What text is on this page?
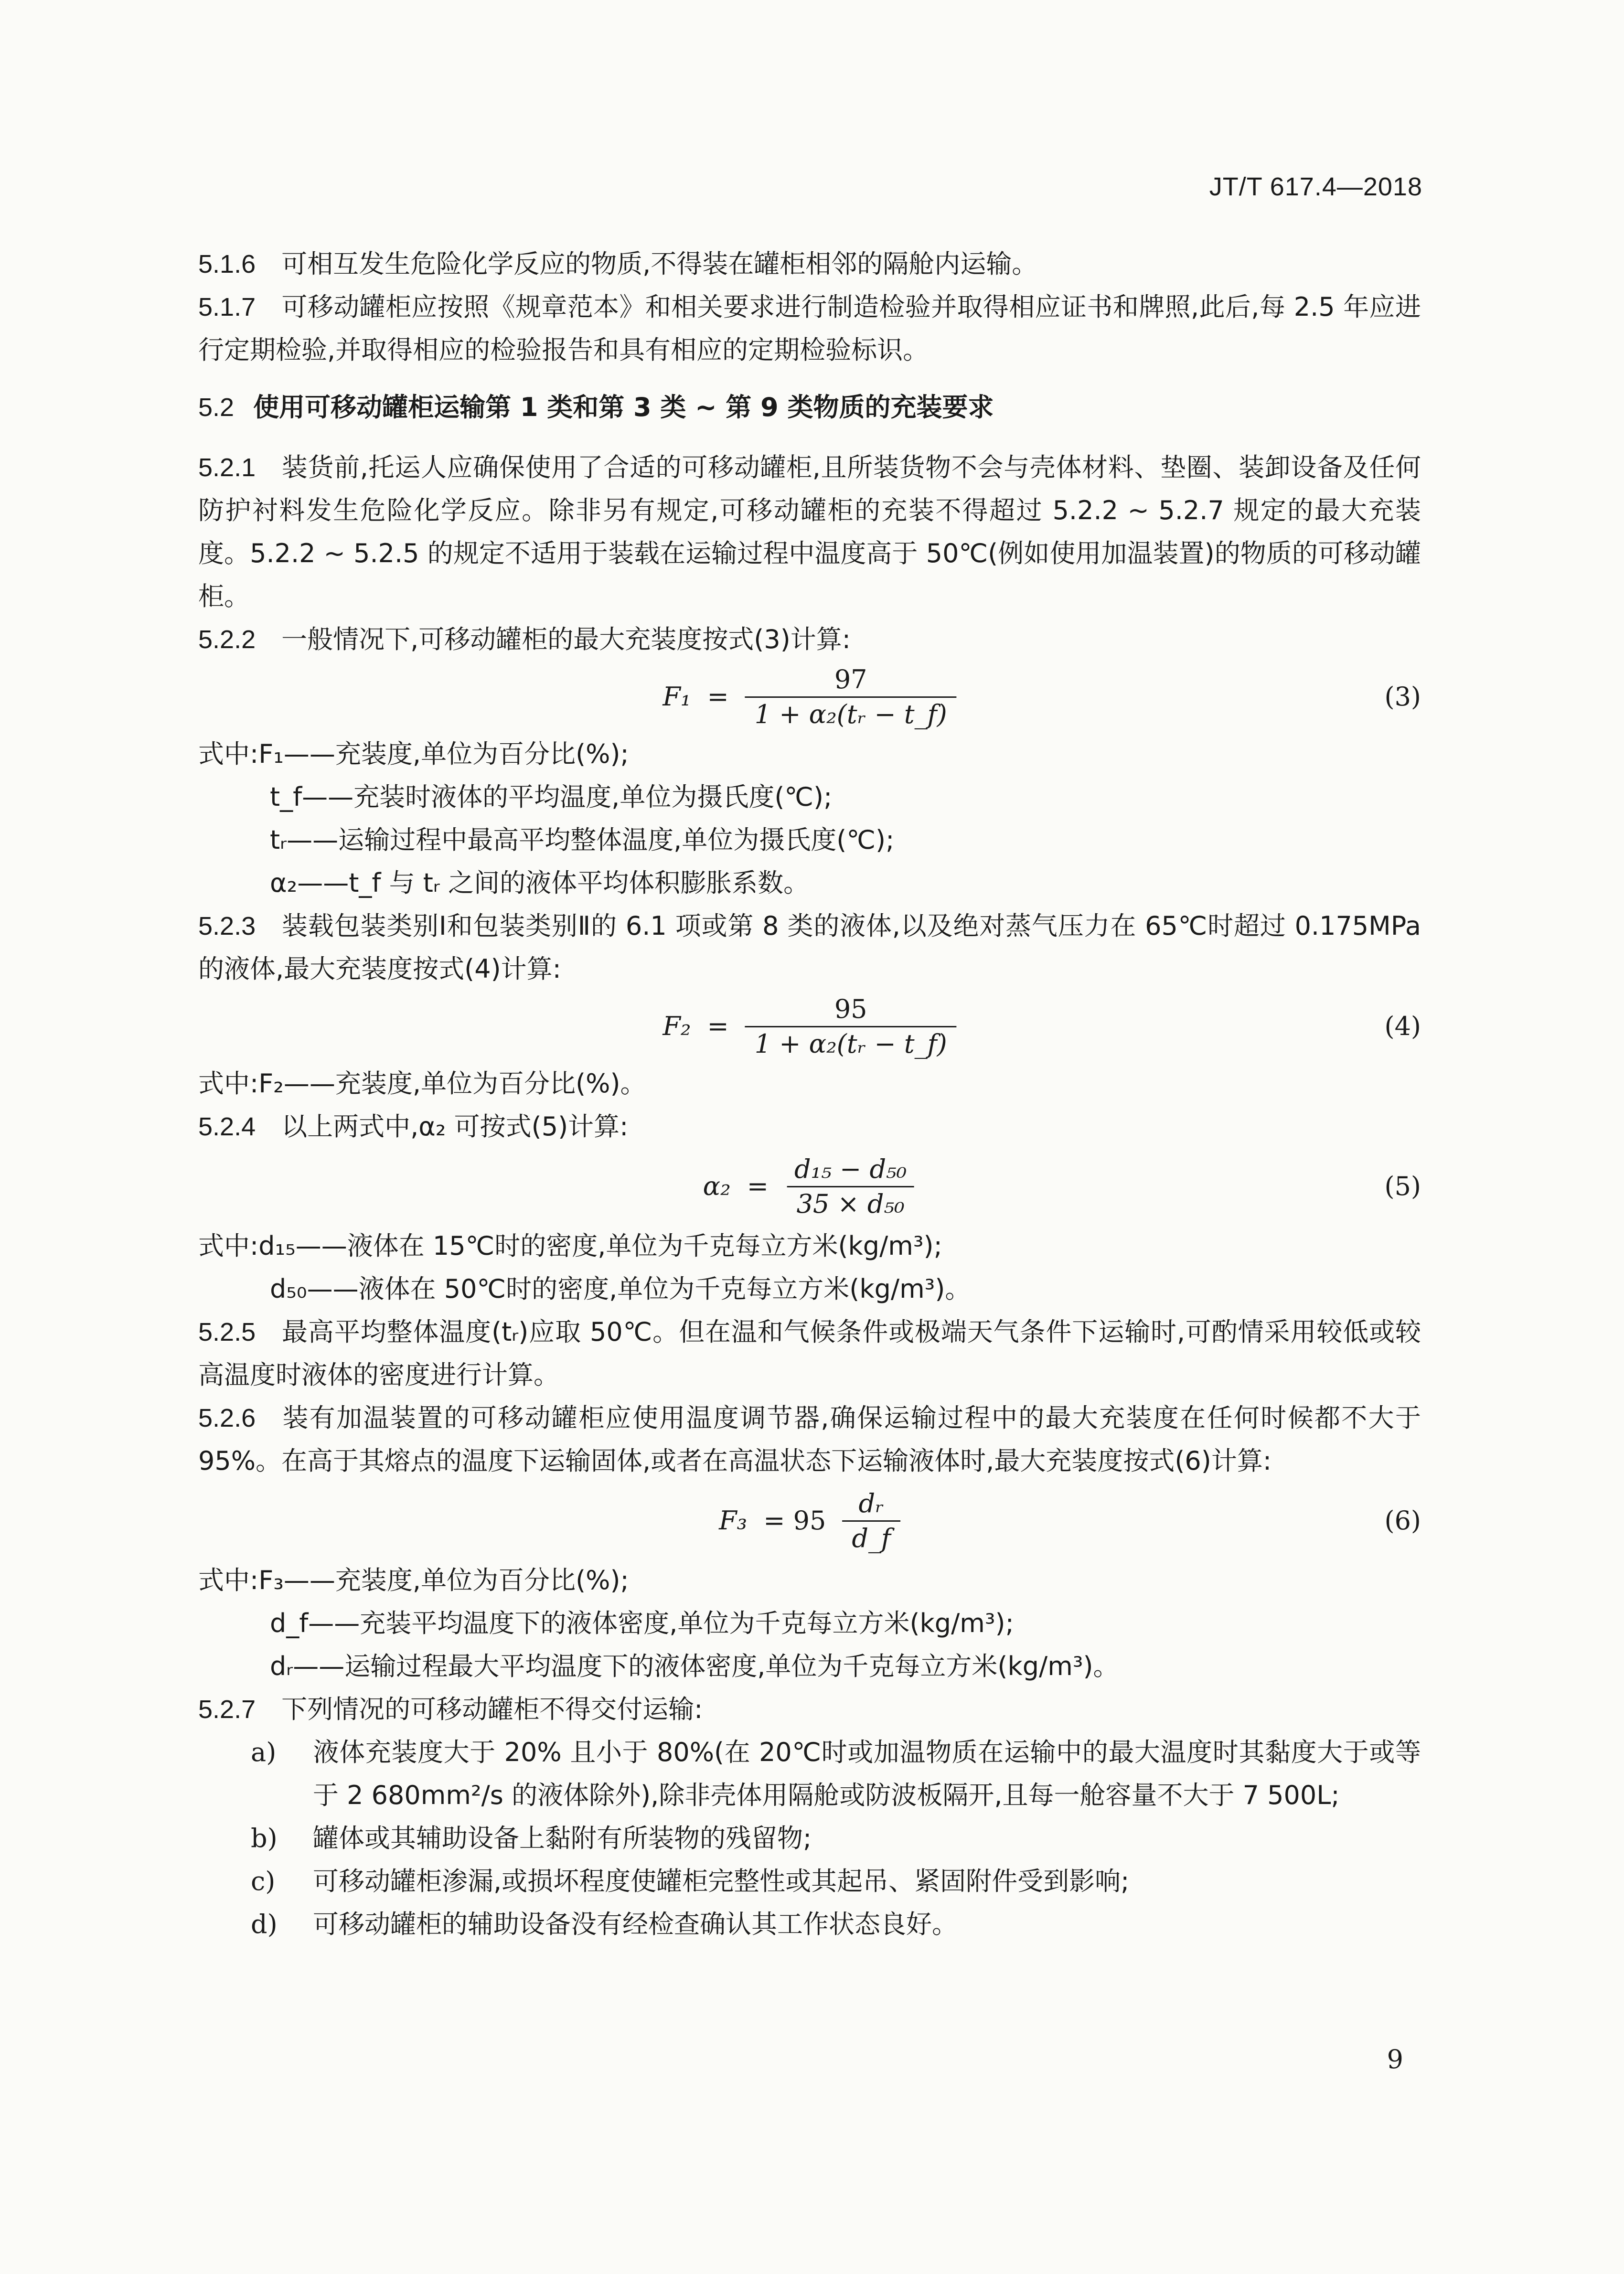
JT/T 617.4—2018

5.1.6 可相互发生危险化学反应的物质,不得装在罐柜相邻的隔舱内运输。

5.1.7 可移动罐柜应按照《规章范本》和相关要求进行制造检验并取得相应证书和牌照,此后,每 2.5 年应进行定期检验,并取得相应的检验报告和具有相应的定期检验标识。

5.2 使用可移动罐柜运输第 1 类和第 3 类 ~ 第 9 类物质的充装要求

5.2.1 装货前,托运人应确保使用了合适的可移动罐柜,且所装货物不会与壳体材料、垫圈、装卸设备及任何防护衬料发生危险化学反应。除非另有规定,可移动罐柜的充装不得超过 5.2.2 ~ 5.2.7 规定的最大充装度。5.2.2 ~ 5.2.5 的规定不适用于装载在运输过程中温度高于 50℃(例如使用加温装置)的物质的可移动罐柜。

5.2.2 一般情况下,可移动罐柜的最大充装度按式(3)计算:

$F_1 = \frac{97}{\text{1 + α₂(tᵣ − t\_f)}}$	(3)

式中:F₁——充装度,单位为百分比(%);

t_f——充装时液体的平均温度,单位为摄氏度(℃);

tᵣ——运输过程中最高平均整体温度,单位为摄氏度(℃);

α₂——t_f 与 tᵣ 之间的液体平均体积膨胀系数。

5.2.3 装载包装类别Ⅰ和包装类别Ⅱ的 6.1 项或第 8 类的液体,以及绝对蒸气压力在 65℃时超过 0.175MPa 的液体,最大充装度按式(4)计算:

$F_2 = \frac{95}{\text{1 + α₂(tᵣ − t\_f)}}$	(4)

式中:F₂——充装度,单位为百分比(%)。

5.2.4 以上两式中,α₂ 可按式(5)计算:

$\alpha_2 = \frac{\text{d₁₅ − d₅₀}}{\text{35 × d₅₀}}$	(5)

式中:d₁₅——液体在 15℃时的密度,单位为千克每立方米(kg/m³);

d₅₀——液体在 50℃时的密度,单位为千克每立方米(kg/m³)。

5.2.5 最高平均整体温度(tᵣ)应取 50℃。但在温和气候条件或极端天气条件下运输时,可酌情采用较低或较高温度时液体的密度进行计算。

5.2.6 装有加温装置的可移动罐柜应使用温度调节器,确保运输过程中的最大充装度在任何时候都不大于 95%。在高于其熔点的温度下运输固体,或者在高温状态下运输液体时,最大充装度按式(6)计算:

$F_3 = 95 \frac{\text{dᵣ}}{d\_f}$	(6)

式中:F₃——充装度,单位为百分比(%);

d_f——充装平均温度下的液体密度,单位为千克每立方米(kg/m³);

dᵣ——运输过程最大平均温度下的液体密度,单位为千克每立方米(kg/m³)。

5.2.7 下列情况的可移动罐柜不得交付运输:

a) 液体充装度大于 20% 且小于 80%(在 20℃时或加温物质在运输中的最大温度时其黏度大于或等于 2 680mm²/s 的液体除外),除非壳体用隔舱或防波板隔开,且每一舱容量不大于 7 500L;

b) 罐体或其辅助设备上黏附有所装物的残留物;

c) 可移动罐柜渗漏,或损坏程度使罐柜完整性或其起吊、紧固附件受到影响;

d) 可移动罐柜的辅助设备没有经检查确认其工作状态良好。

9
